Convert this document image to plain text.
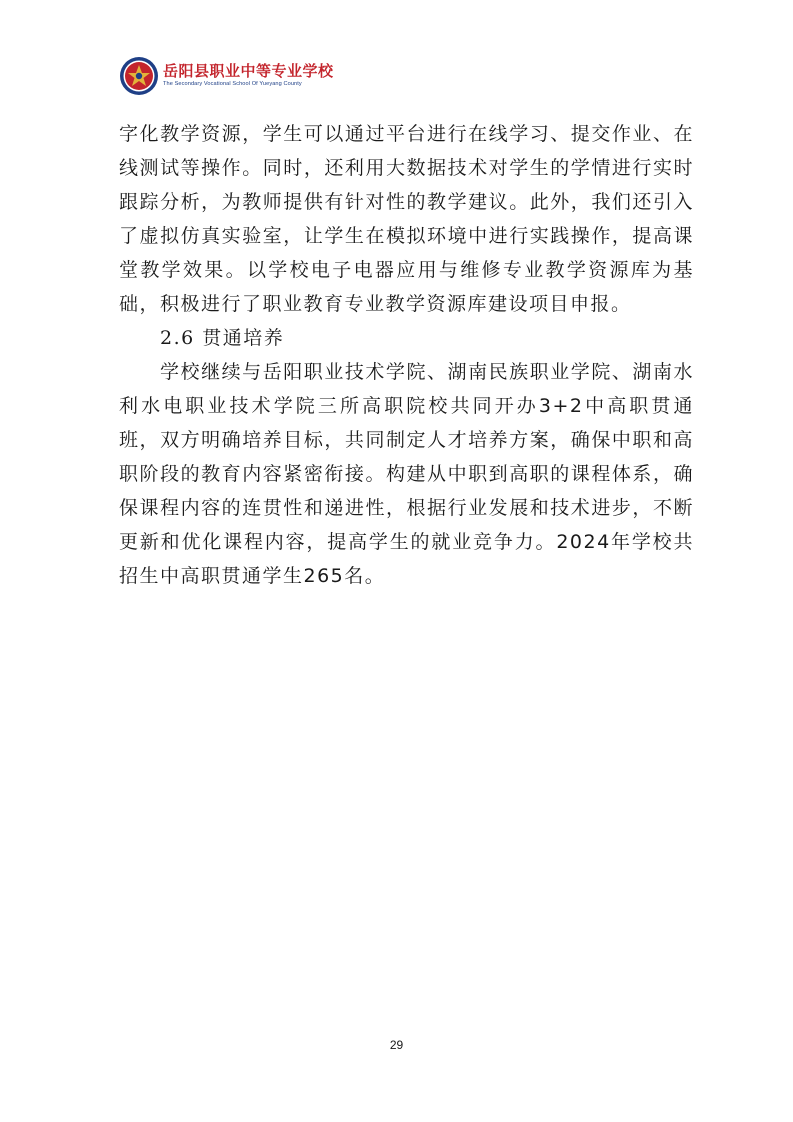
岳阳县职业中等专业学校
The Secondary Vocational School Of Yueyang County

字化教学资源，学生可以通过平台进行在线学习、提交作业、在线测试等操作。同时，还利用大数据技术对学生的学情进行实时跟踪分析，为教师提供有针对性的教学建议。此外，我们还引入了虚拟仿真实验室，让学生在模拟环境中进行实践操作，提高课堂教学效果。以学校电子电器应用与维修专业教学资源库为基础，积极进行了职业教育专业教学资源库建设项目申报。

2.6 贯通培养

学校继续与岳阳职业技术学院、湖南民族职业学院、湖南水利水电职业技术学院三所高职院校共同开办3+2中高职贯通班，双方明确培养目标，共同制定人才培养方案，确保中职和高职阶段的教育内容紧密衔接。构建从中职到高职的课程体系，确保课程内容的连贯性和递进性，根据行业发展和技术进步，不断更新和优化课程内容，提高学生的就业竞争力。2024年学校共招生中高职贯通学生265名。

29
